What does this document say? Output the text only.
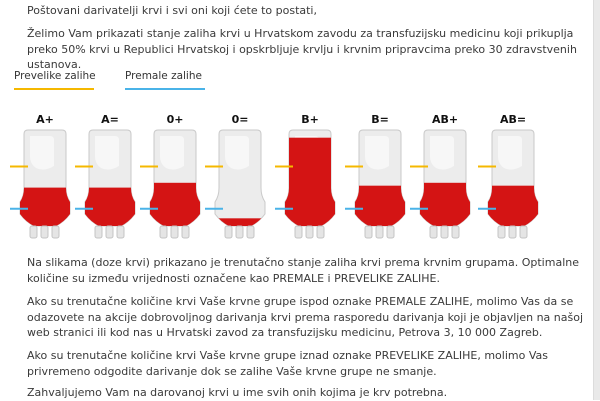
Poštovani darivatelji krvi i svi oni koji ćete to postati,

Želimo Vam prikazati stanje zaliha krvi u Hrvatskom zavodu za transfuzijsku medicinu koji prikuplja preko 50% krvi u Republici Hrvatskoj i opskrbljuje krvlju i krvnim pripravcima preko 30 zdravstvenih ustanova.

Prevelike zalihe	Premale zalihe
A+	A=	0+	0=	B+	B=	AB+	AB=

Na slikama (doze krvi) prikazano je trenutačno stanje zaliha krvi prema krvnim grupama. Optimalne količine su između vrijednosti označene kao PREMALE i PREVELIKE ZALIHE.

Ako su trenutačne količine krvi Vaše krvne grupe ispod oznake PREMALE ZALIHE, molimo Vas da se odazovete na akcije dobrovoljnog darivanja krvi prema rasporedu darivanja koji je objavljen na našoj web stranici ili kod nas u Hrvatski zavod za transfuzijsku medicinu, Petrova 3, 10 000 Zagreb.

Ako su trenutačne količine krvi Vaše krvne grupe iznad oznake PREVELIKE ZALIHE, molimo Vas privremeno odgodite darivanje dok se zalihe Vaše krvne grupe ne smanje.

Zahvaljujemo Vam na darovanoj krvi u ime svih onih kojima je krv potrebna.
